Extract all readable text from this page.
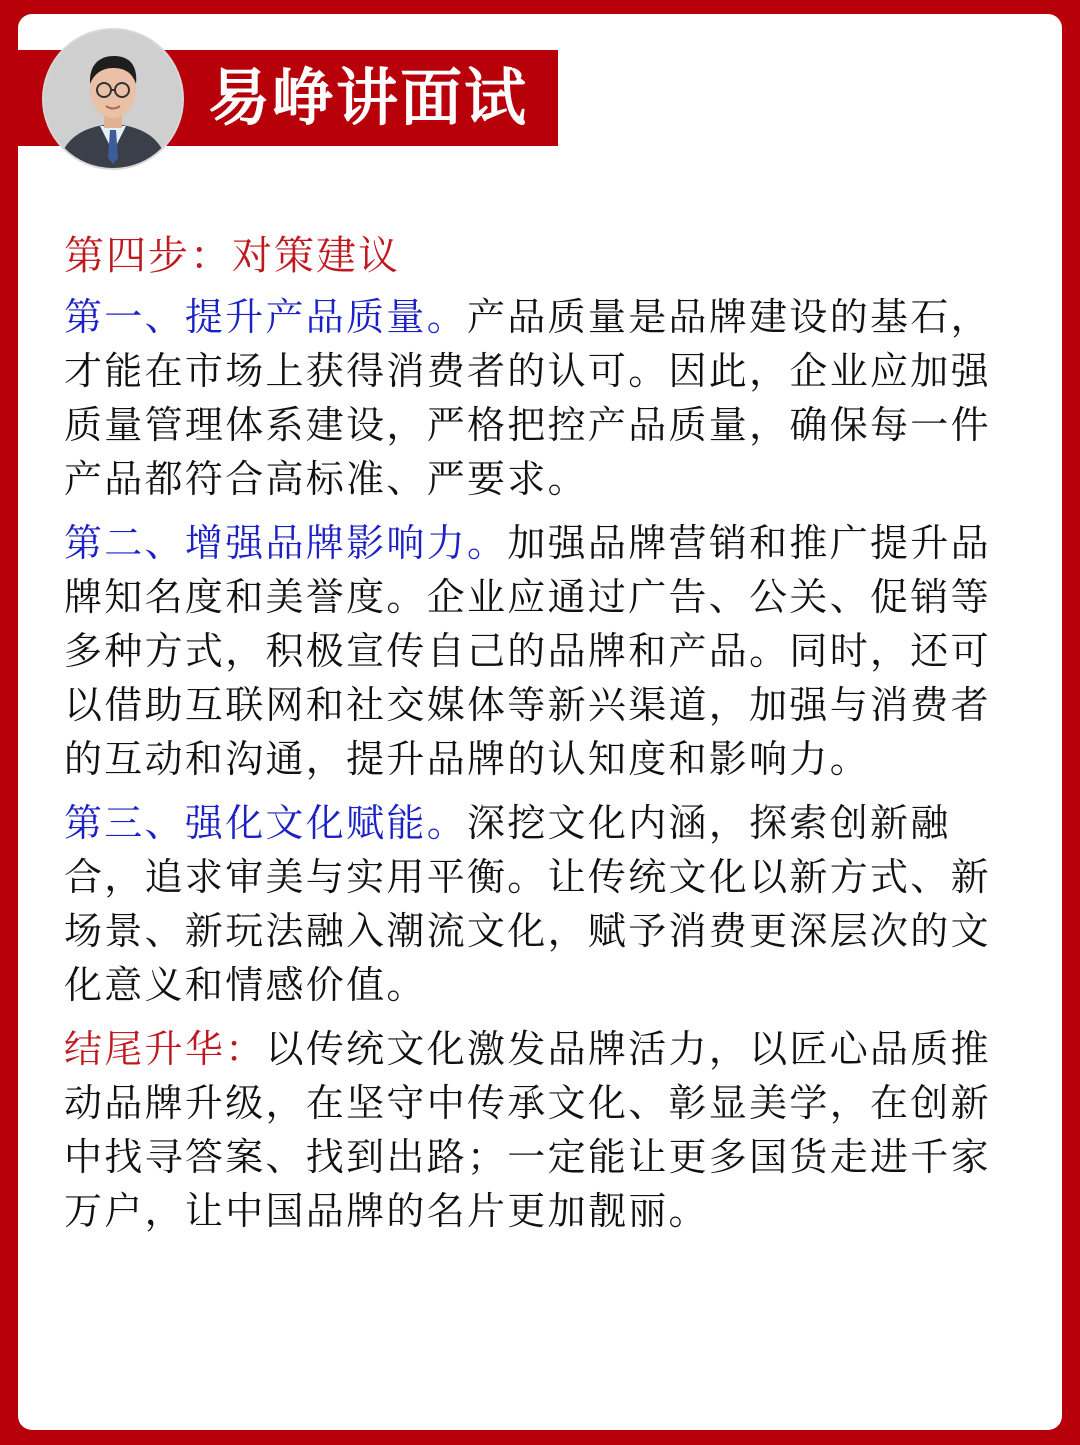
易峥讲面试
第四步：对策建议

第一、提升产品质量。产品质量是品牌建设的基石，才能在市场上获得消费者的认可。因此，企业应加强质量管理体系建设，严格把控产品质量，确保每一件产品都符合高标准、严要求。

第二、增强品牌影响力。加强品牌营销和推广提升品牌知名度和美誉度。企业应通过广告、公关、促销等多种方式，积极宣传自己的品牌和产品。同时，还可以借助互联网和社交媒体等新兴渠道，加强与消费者的互动和沟通，提升品牌的认知度和影响力。

第三、强化文化赋能。深挖文化内涵，探索创新融合，追求审美与实用平衡。让传统文化以新方式、新场景、新玩法融入潮流文化，赋予消费更深层次的文化意义和情感价值。

结尾升华：以传统文化激发品牌活力，以匠心品质推动品牌升级，在坚守中传承文化、彰显美学，在创新中找寻答案、找到出路；一定能让更多国货走进千家万户，让中国品牌的名片更加靓丽。
